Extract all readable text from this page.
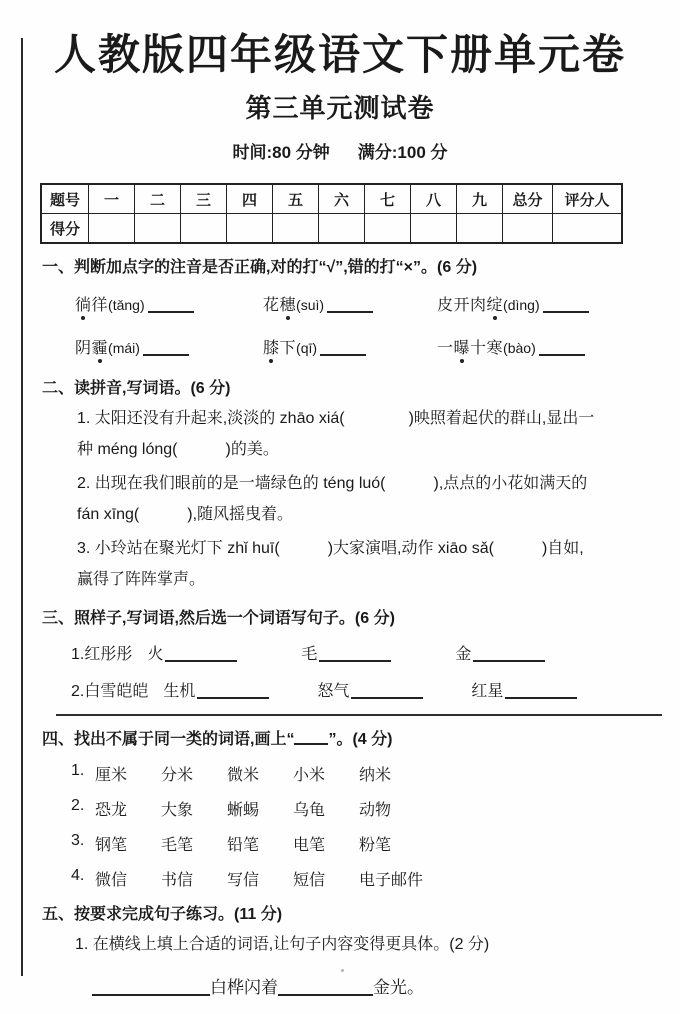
人教版四年级语文下册单元卷
第三单元测试卷
时间:80 分钟 满分:100 分
题号	一	二	三	四	五	六	七	八	九	总分	评分人
得分											
一、判断加点字的注音是否正确,对的打“√”,错的打“×”。(6 分)
徜徉(tǎng)	花穗(suì)	皮开肉绽(dìng)
阴霾(mái)	膝下(qī)	一曝十寒(bào)
二、读拼音,写词语。(6 分)
1. 太阳还没有升起来,淡淡的 zhāo xiá(　　　　)映照着起伏的群山,显出一
种 méng lóng(　　　)的美。
2. 出现在我们眼前的是一墙绿色的 téng luó(　　　),点点的小花如满天的
fán xīng(　　　),随风摇曳着。
3. 小玲站在聚光灯下 zhǐ huī(　　　)大家演唱,动作 xiāo sǎ(　　　)自如,
赢得了阵阵掌声。
三、照样子,写词语,然后选一个词语写句子。(6 分)
1.红彤彤 火	毛	金
2.白雪皑皑 生机	怒气	红星
四、找出不属于同一类的词语,画上“ ”。(4 分)
1. 厘米	分米	微米	小米	纳米
2. 恐龙	大象	蜥蜴	乌龟	动物
3. 钢笔	毛笔	铅笔	电笔	粉笔
4. 微信	书信	写信	短信	电子邮件
五、按要求完成句子练习。(11 分)
1. 在横线上填上合适的词语,让句子内容变得更具体。(2 分)
白桦闪着	金光。
